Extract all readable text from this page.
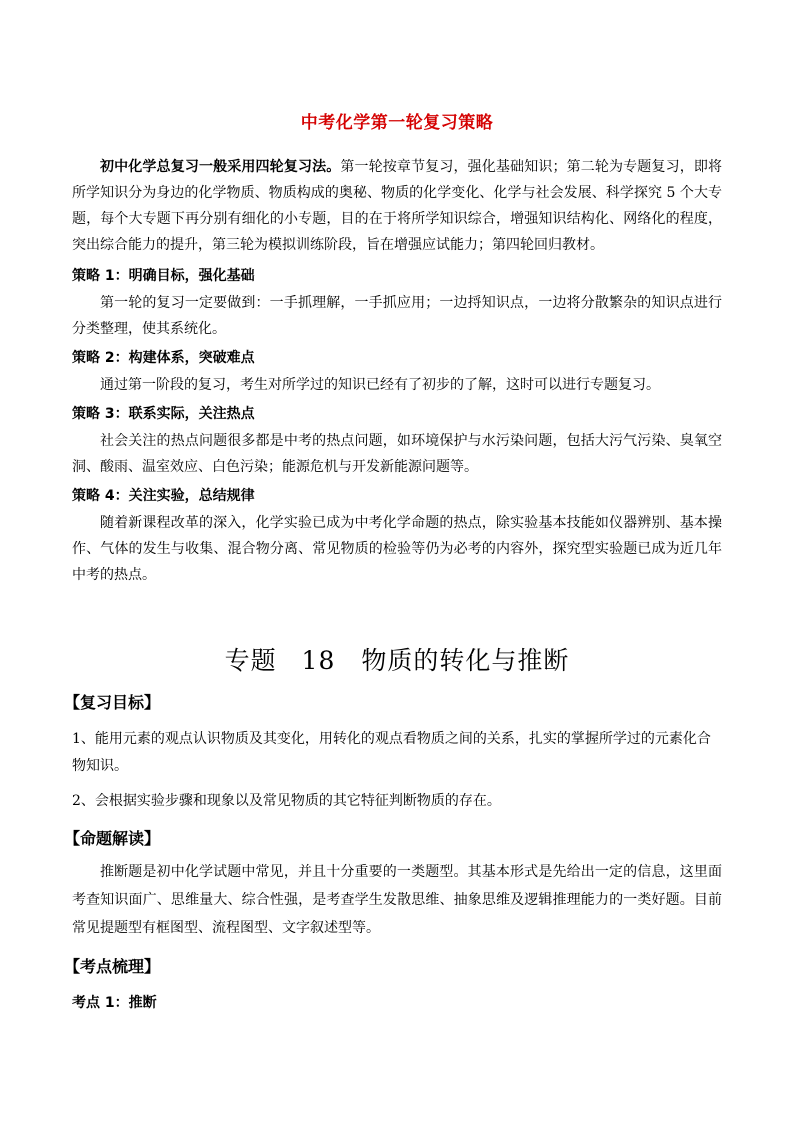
中考化学第一轮复习策略

初中化学总复习一般采用四轮复习法。第一轮按章节复习，强化基础知识；第二轮为专题复习，即将所学知识分为身边的化学物质、物质构成的奥秘、物质的化学变化、化学与社会发展、科学探究 5 个大专题，每个大专题下再分别有细化的小专题，目的在于将所学知识综合，增强知识结构化、网络化的程度，突出综合能力的提升，第三轮为模拟训练阶段，旨在增强应试能力；第四轮回归教材。

策略 1：明确目标，强化基础

第一轮的复习一定要做到：一手抓理解，一手抓应用；一边捋知识点，一边将分散繁杂的知识点进行分类整理，使其系统化。

策略 2：构建体系，突破难点

通过第一阶段的复习，考生对所学过的知识已经有了初步的了解，这时可以进行专题复习。

策略 3：联系实际，关注热点

社会关注的热点问题很多都是中考的热点问题，如环境保护与水污染问题，包括大污气污染、臭氧空洞、酸雨、温室效应、白色污染；能源危机与开发新能源问题等。

策略 4：关注实验，总结规律

随着新课程改革的深入，化学实验已成为中考化学命题的热点，除实验基本技能如仪器辨别、基本操作、气体的发生与收集、混合物分离、常见物质的检验等仍为必考的内容外，探究型实验题已成为近几年中考的热点。

专题 18　物质的转化与推断
【复习目标】

1、能用元素的观点认识物质及其变化，用转化的观点看物质之间的关系，扎实的掌握所学过的元素化合物知识。

2、会根据实验步骤和现象以及常见物质的其它特征判断物质的存在。

【命题解读】

推断题是初中化学试题中常见，并且十分重要的一类题型。其基本形式是先给出一定的信息，这里面考查知识面广、思维量大、综合性强，是考查学生发散思维、抽象思维及逻辑推理能力的一类好题。目前常见提题型有框图型、流程图型、文字叙述型等。

【考点梳理】
考点 1：推断
